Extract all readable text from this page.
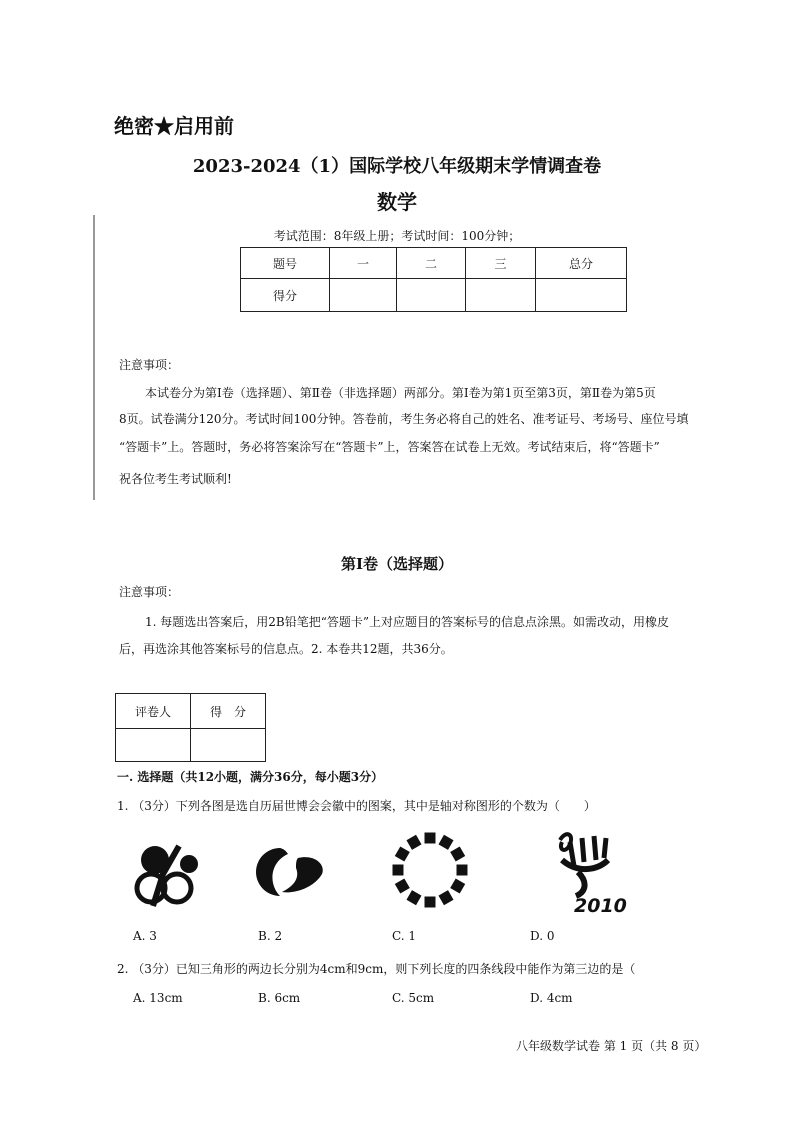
绝密★启用前
2023-2024（1）国际学校八年级期末学情调查卷
数学
考试范围：8年级上册；考试时间：100分钟；
题号	一	二	三	总分
得分				
注意事项：
本试卷分为第Ⅰ卷（选择题）、第Ⅱ卷（非选择题）两部分。第Ⅰ卷为第1页至第3页，第Ⅱ卷为第5页
8页。试卷满分120分。考试时间100分钟。答卷前，考生务必将自己的姓名、准考证号、考场号、座位号填
“答题卡”上。答题时，务必将答案涂写在“答题卡”上，答案答在试卷上无效。考试结束后，将“答题卡”
祝各位考生考试顺利!
第Ⅰ卷（选择题）
注意事项：
1. 每题选出答案后，用2B铅笔把“答题卡”上对应题目的答案标号的信息点涂黑。如需改动，用橡皮
后，再选涂其他答案标号的信息点。2. 本卷共12题，共36分。
评卷人	得　分

一. 选择题（共12小题，满分36分，每小题3分）
1. （3分）下列各图是选自历届世博会会徽中的图案，其中是轴对称图形的个数为（　　）
2010
A. 3	B. 2	C. 1	D. 0
2. （3分）已知三角形的两边长分别为4cm和9cm，则下列长度的四条线段中能作为第三边的是（
A. 13cm	B. 6cm	C. 5cm	D. 4cm
八年级数学试卷 第 1 页（共 8 页）
